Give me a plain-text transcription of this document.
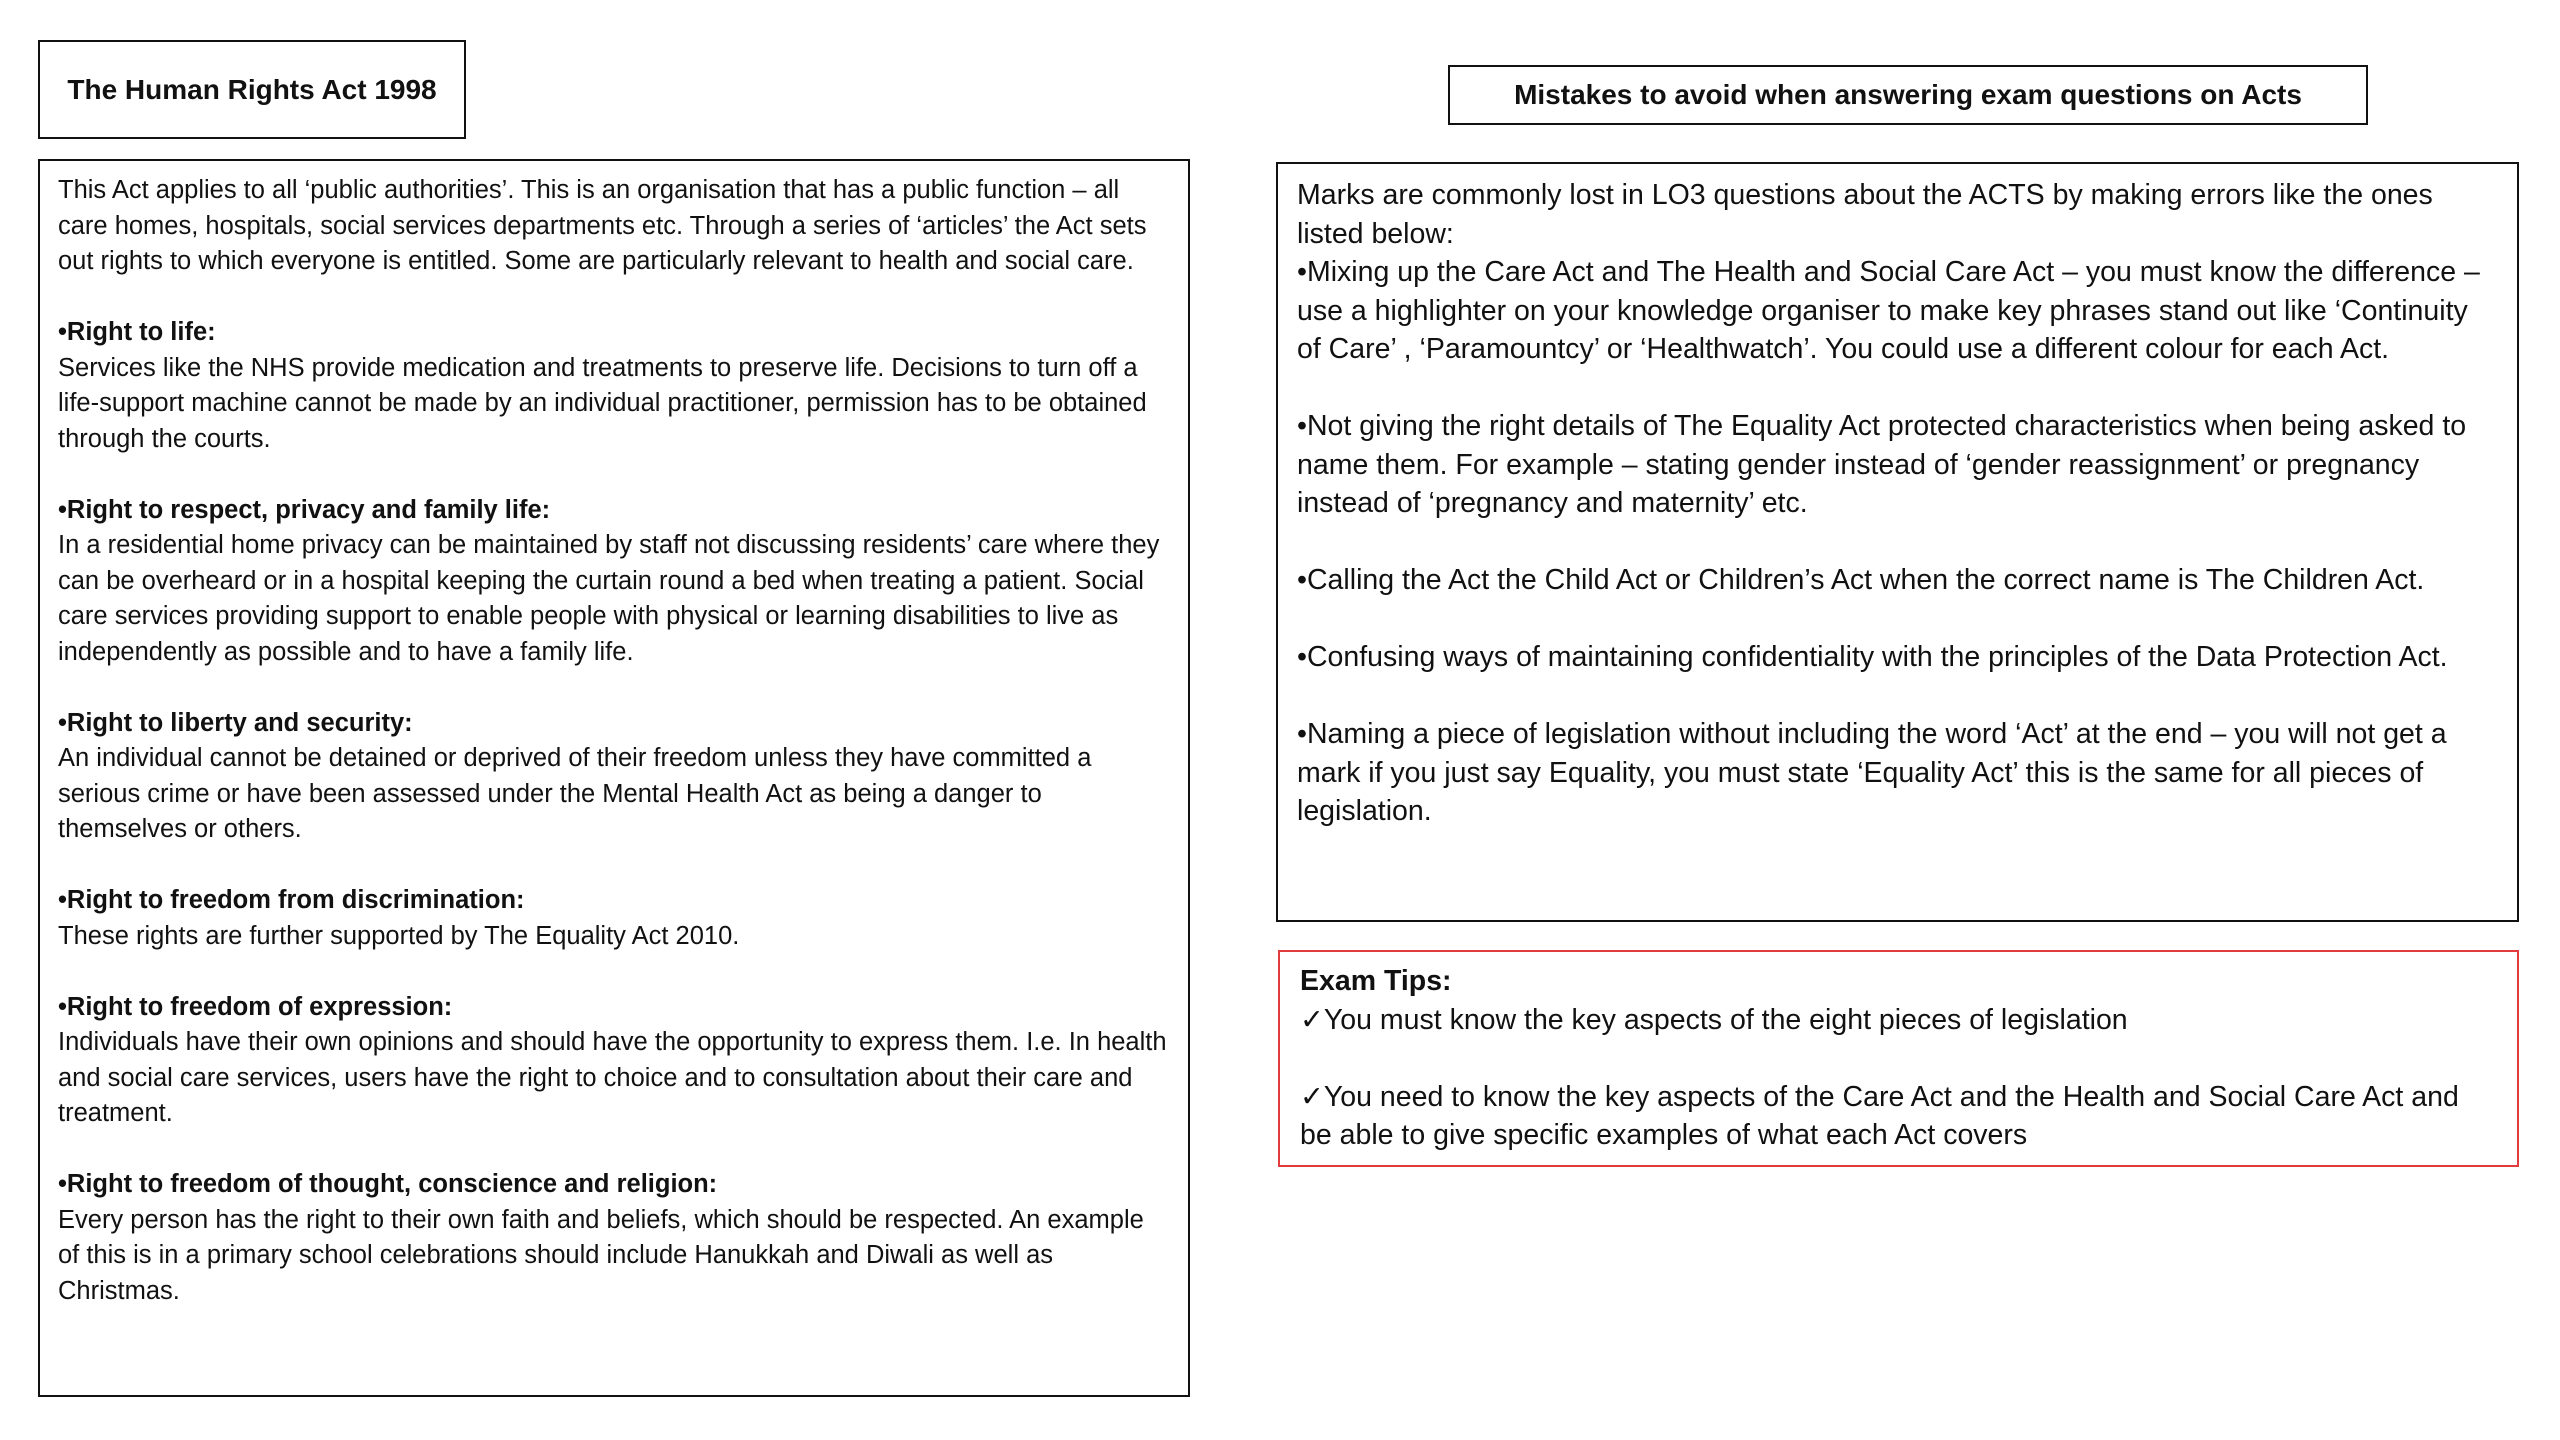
The Human Rights Act 1998

This Act applies to all ‘public authorities’. This is an organisation that has a public function – all care homes, hospitals, social services departments etc. Through a series of ‘articles’ the Act sets out rights to which everyone is entitled. Some are particularly relevant to health and social care.

•Right to life:

Services like the NHS provide medication and treatments to preserve life. Decisions to turn off a life-support machine cannot be made by an individual practitioner, permission has to be obtained through the courts.

•Right to respect, privacy and family life:

In a residential home privacy can be maintained by staff not discussing residents’ care where they can be overheard or in a hospital keeping the curtain round a bed when treating a patient. Social care services providing support to enable people with physical or learning disabilities to live as independently as possible and to have a family life.

•Right to liberty and security:

An individual cannot be detained or deprived of their freedom unless they have committed a serious crime or have been assessed under the Mental Health Act as being a danger to themselves or others.

•Right to freedom from discrimination:

These rights are further supported by The Equality Act 2010.

•Right to freedom of expression:

Individuals have their own opinions and should have the opportunity to express them. I.e. In health and social care services, users have the right to choice and to consultation about their care and treatment.

•Right to freedom of thought, conscience and religion:

Every person has the right to their own faith and beliefs, which should be respected. An example of this is in a primary school celebrations should include Hanukkah and Diwali as well as Christmas.

Mistakes to avoid when answering exam questions on Acts

Marks are commonly lost in LO3 questions about the ACTS by making errors like the ones listed below:

•Mixing up the Care Act and The Health and Social Care Act – you must know the difference – use a highlighter on your knowledge organiser to make key phrases stand out like ‘Continuity of Care’ , ‘Paramountcy’ or ‘Healthwatch’. You could use a different colour for each Act.

•Not giving the right details of The Equality Act protected characteristics when being asked to name them. For example – stating gender instead of ‘gender reassignment’ or pregnancy instead of ‘pregnancy and maternity’ etc.

•Calling the Act the Child Act or Children’s Act when the correct name is The Children Act.

•Confusing ways of maintaining confidentiality with the principles of the Data Protection Act.

•Naming a piece of legislation without including the word ‘Act’ at the end – you will not get a mark if you just say Equality, you must state ‘Equality Act’ this is the same for all pieces of legislation.

Exam Tips:

✓You must know the key aspects of the eight pieces of legislation
✓You need to know the key aspects of the Care Act and the Health and Social Care Act and be able to give specific examples of what each Act covers
